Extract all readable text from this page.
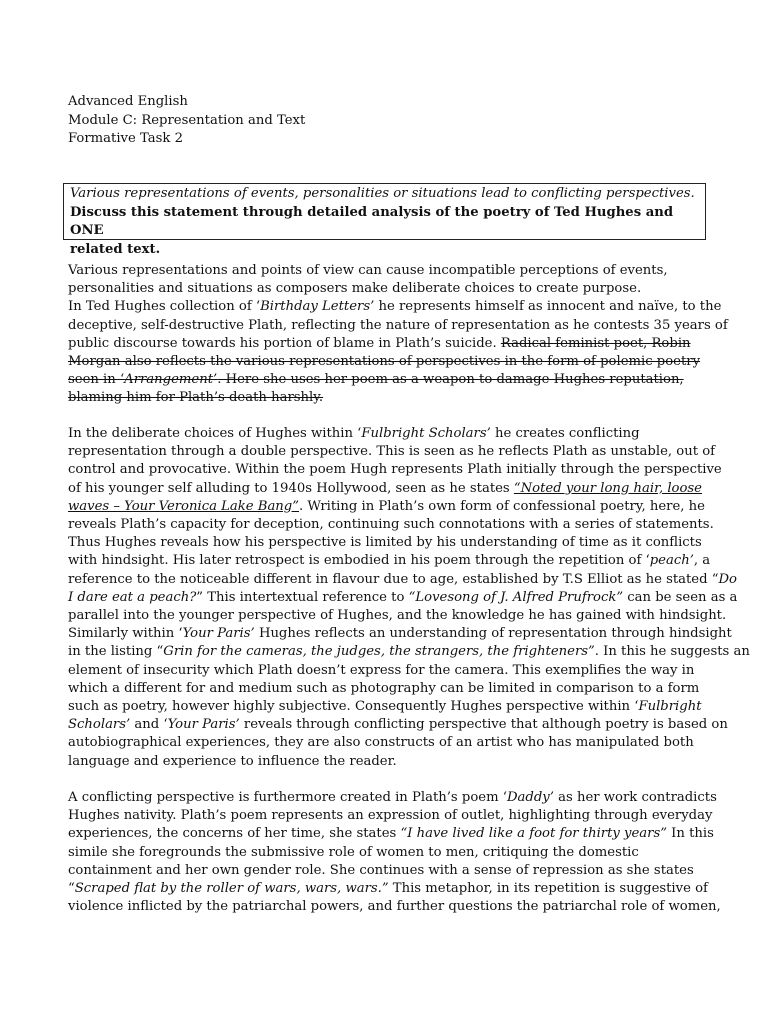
Advanced English
Module C: Representation and Text
Formative Task 2
Various representations of events, personalities or situations lead to conflicting perspectives.
Discuss this statement through detailed analysis of the poetry of Ted Hughes and ONE
related text.
Various representations and points of view can cause incompatible perceptions of events,
personalities and situations as composers make deliberate choices to create purpose.
In Ted Hughes collection of ‘Birthday Letters’ he represents himself as innocent and naïve, to the
deceptive, self-destructive Plath, reflecting the nature of representation as he contests 35 years of
public discourse towards his portion of blame in Plath’s suicide. Radical feminist poet, Robin
Morgan also reflects the various representations of perspectives in the form of polemic poetry
seen in ‘Arrangement’. Here she uses her poem as a weapon to damage Hughes reputation,
blaming him for Plath’s death harshly.
In the deliberate choices of Hughes within ‘Fulbright Scholars’ he creates conflicting
representation through a double perspective. This is seen as he reflects Plath as unstable, out of
control and provocative. Within the poem Hugh represents Plath initially through the perspective
of his younger self alluding to 1940s Hollywood, seen as he states “Noted your long hair, loose
waves – Your Veronica Lake Bang”. Writing in Plath’s own form of confessional poetry, here, he
reveals Plath’s capacity for deception, continuing such connotations with a series of statements.
Thus Hughes reveals how his perspective is limited by his understanding of time as it conflicts
with hindsight. His later retrospect is embodied in his poem through the repetition of ‘peach’, a
reference to the noticeable different in flavour due to age, established by T.S Elliot as he stated “Do
I dare eat a peach?” This intertextual reference to “Lovesong of J. Alfred Prufrock” can be seen as a
parallel into the younger perspective of Hughes, and the knowledge he has gained with hindsight.
Similarly within ‘Your Paris’ Hughes reflects an understanding of representation through hindsight
in the listing “Grin for the cameras, the judges, the strangers, the frighteners”. In this he suggests an
element of insecurity which Plath doesn’t express for the camera. This exemplifies the way in
which a different for and medium such as photography can be limited in comparison to a form
such as poetry, however highly subjective. Consequently Hughes perspective within ‘Fulbright
Scholars’ and ‘Your Paris’ reveals through conflicting perspective that although poetry is based on
autobiographical experiences, they are also constructs of an artist who has manipulated both
language and experience to influence the reader.
A conflicting perspective is furthermore created in Plath’s poem ‘Daddy’ as her work contradicts
Hughes nativity. Plath’s poem represents an expression of outlet, highlighting through everyday
experiences, the concerns of her time, she states “I have lived like a foot for thirty years” In this
simile she foregrounds the submissive role of women to men, critiquing the domestic
containment and her own gender role. She continues with a sense of repression as she states
“Scraped flat by the roller of wars, wars, wars.” This metaphor, in its repetition is suggestive of
violence inflicted by the patriarchal powers, and further questions the patriarchal role of women,
